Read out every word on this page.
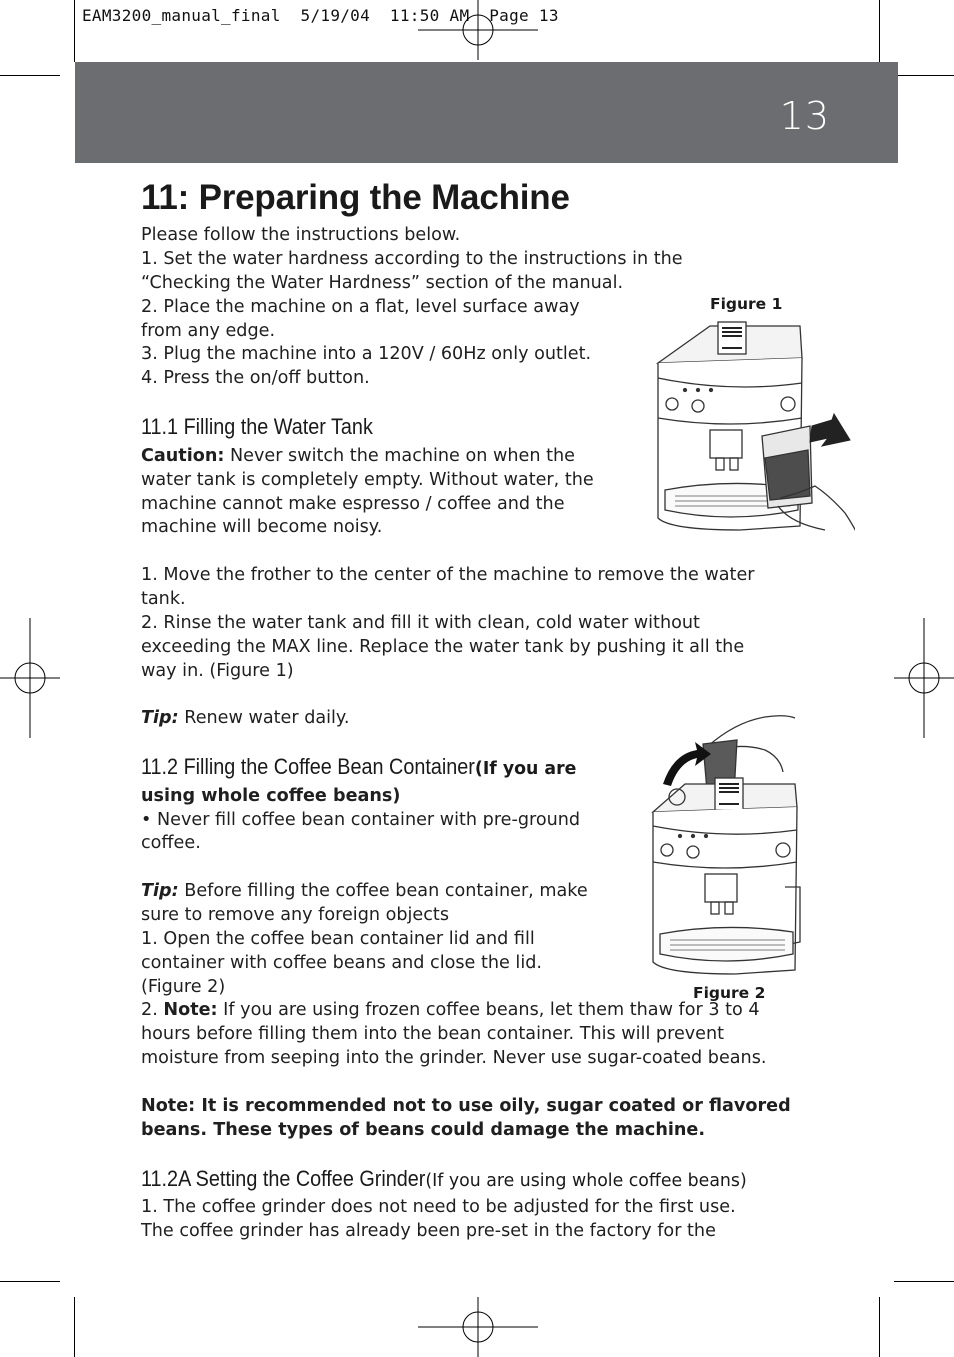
EAM3200_manual_final  5/19/04  11:50 AM  Page 13
13
11: Preparing the Machine

Please follow the instructions below.

1. Set the water hardness according to the instructions in the

“Checking the Water Hardness” section of the manual.

2. Place the machine on a flat, level surface away

from any edge.

3. Plug the machine into a 120V / 60Hz only outlet.

4. Press the on/off button.

11.1 Filling the Water Tank

Caution: Never switch the machine on when the

water tank is completely empty. Without water, the

machine cannot make espresso / coffee and the

machine will become noisy.

1. Move the frother to the center of the machine to remove the water

tank.

2. Rinse the water tank and fill it with clean, cold water without

exceeding the MAX line. Replace the water tank by pushing it all the

way in. (Figure 1)

Tip: Renew water daily.

11.2 Filling the Coffee Bean Container(If you are

using whole coffee beans)

• Never fill coffee bean container with pre-ground

coffee.

Tip: Before filling the coffee bean container, make

sure to remove any foreign objects

1. Open the coffee bean container lid and fill

container with coffee beans and close the lid.

(Figure 2)

2. Note: If you are using frozen coffee beans, let them thaw for 3 to 4

hours before filling them into the bean container. This will prevent

moisture from seeping into the grinder. Never use sugar-coated beans.

Note: It is recommended not to use oily, sugar coated or flavored

beans. These types of beans could damage the machine.

11.2A Setting the Coffee Grinder(If you are using whole coffee beans)

1. The coffee grinder does not need to be adjusted for the first use.

The coffee grinder has already been pre-set in the factory for the

Figure 1
Figure 2
